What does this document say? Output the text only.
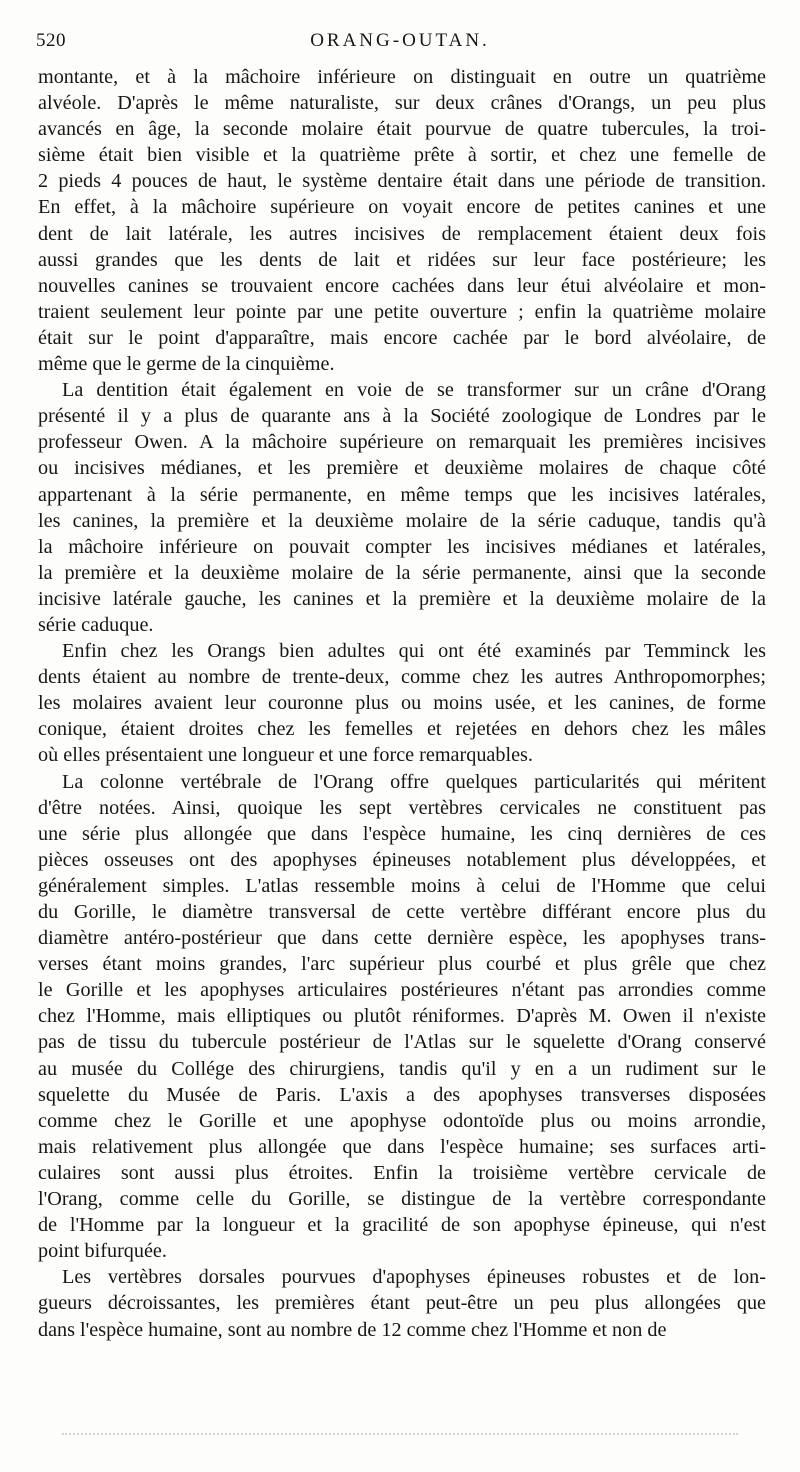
520	ORANG-OUTAN.
montante, et à la mâchoire inférieure on distinguait en outre un quatrième
alvéole. D'après le même naturaliste, sur deux crânes d'Orangs, un peu plus
avancés en âge, la seconde molaire était pourvue de quatre tubercules, la troi-
sième était bien visible et la quatrième prête à sortir, et chez une femelle de
2 pieds 4 pouces de haut, le système dentaire était dans une période de transition.
En effet, à la mâchoire supérieure on voyait encore de petites canines et une
dent de lait latérale, les autres incisives de remplacement étaient deux fois
aussi grandes que les dents de lait et ridées sur leur face postérieure; les
nouvelles canines se trouvaient encore cachées dans leur étui alvéolaire et mon-
traient seulement leur pointe par une petite ouverture ; enfin la quatrième molaire
était sur le point d'apparaître, mais encore cachée par le bord alvéolaire, de
même que le germe de la cinquième.
La dentition était également en voie de se transformer sur un crâne d'Orang
présenté il y a plus de quarante ans à la Société zoologique de Londres par le
professeur Owen. A la mâchoire supérieure on remarquait les premières incisives
ou incisives médianes, et les première et deuxième molaires de chaque côté
appartenant à la série permanente, en même temps que les incisives latérales,
les canines, la première et la deuxième molaire de la série caduque, tandis qu'à
la mâchoire inférieure on pouvait compter les incisives médianes et latérales,
la première et la deuxième molaire de la série permanente, ainsi que la seconde
incisive latérale gauche, les canines et la première et la deuxième molaire de la
série caduque.
Enfin chez les Orangs bien adultes qui ont été examinés par Temminck les
dents étaient au nombre de trente-deux, comme chez les autres Anthropomorphes;
les molaires avaient leur couronne plus ou moins usée, et les canines, de forme
conique, étaient droites chez les femelles et rejetées en dehors chez les mâles
où elles présentaient une longueur et une force remarquables.
La colonne vertébrale de l'Orang offre quelques particularités qui méritent
d'être notées. Ainsi, quoique les sept vertèbres cervicales ne constituent pas
une série plus allongée que dans l'espèce humaine, les cinq dernières de ces
pièces osseuses ont des apophyses épineuses notablement plus développées, et
généralement simples. L'atlas ressemble moins à celui de l'Homme que celui
du Gorille, le diamètre transversal de cette vertèbre différant encore plus du
diamètre antéro-postérieur que dans cette dernière espèce, les apophyses trans-
verses étant moins grandes, l'arc supérieur plus courbé et plus grêle que chez
le Gorille et les apophyses articulaires postérieures n'étant pas arrondies comme
chez l'Homme, mais elliptiques ou plutôt réniformes. D'après M. Owen il n'existe
pas de tissu du tubercule postérieur de l'Atlas sur le squelette d'Orang conservé
au musée du Collége des chirurgiens, tandis qu'il y en a un rudiment sur le
squelette du Musée de Paris. L'axis a des apophyses transverses disposées
comme chez le Gorille et une apophyse odontoïde plus ou moins arrondie,
mais relativement plus allongée que dans l'espèce humaine; ses surfaces arti-
culaires sont aussi plus étroites. Enfin la troisième vertèbre cervicale de
l'Orang, comme celle du Gorille, se distingue de la vertèbre correspondante
de l'Homme par la longueur et la gracilité de son apophyse épineuse, qui n'est
point bifurquée.
Les vertèbres dorsales pourvues d'apophyses épineuses robustes et de lon-
gueurs décroissantes, les premières étant peut-être un peu plus allongées que
dans l'espèce humaine, sont au nombre de 12 comme chez l'Homme et non de
